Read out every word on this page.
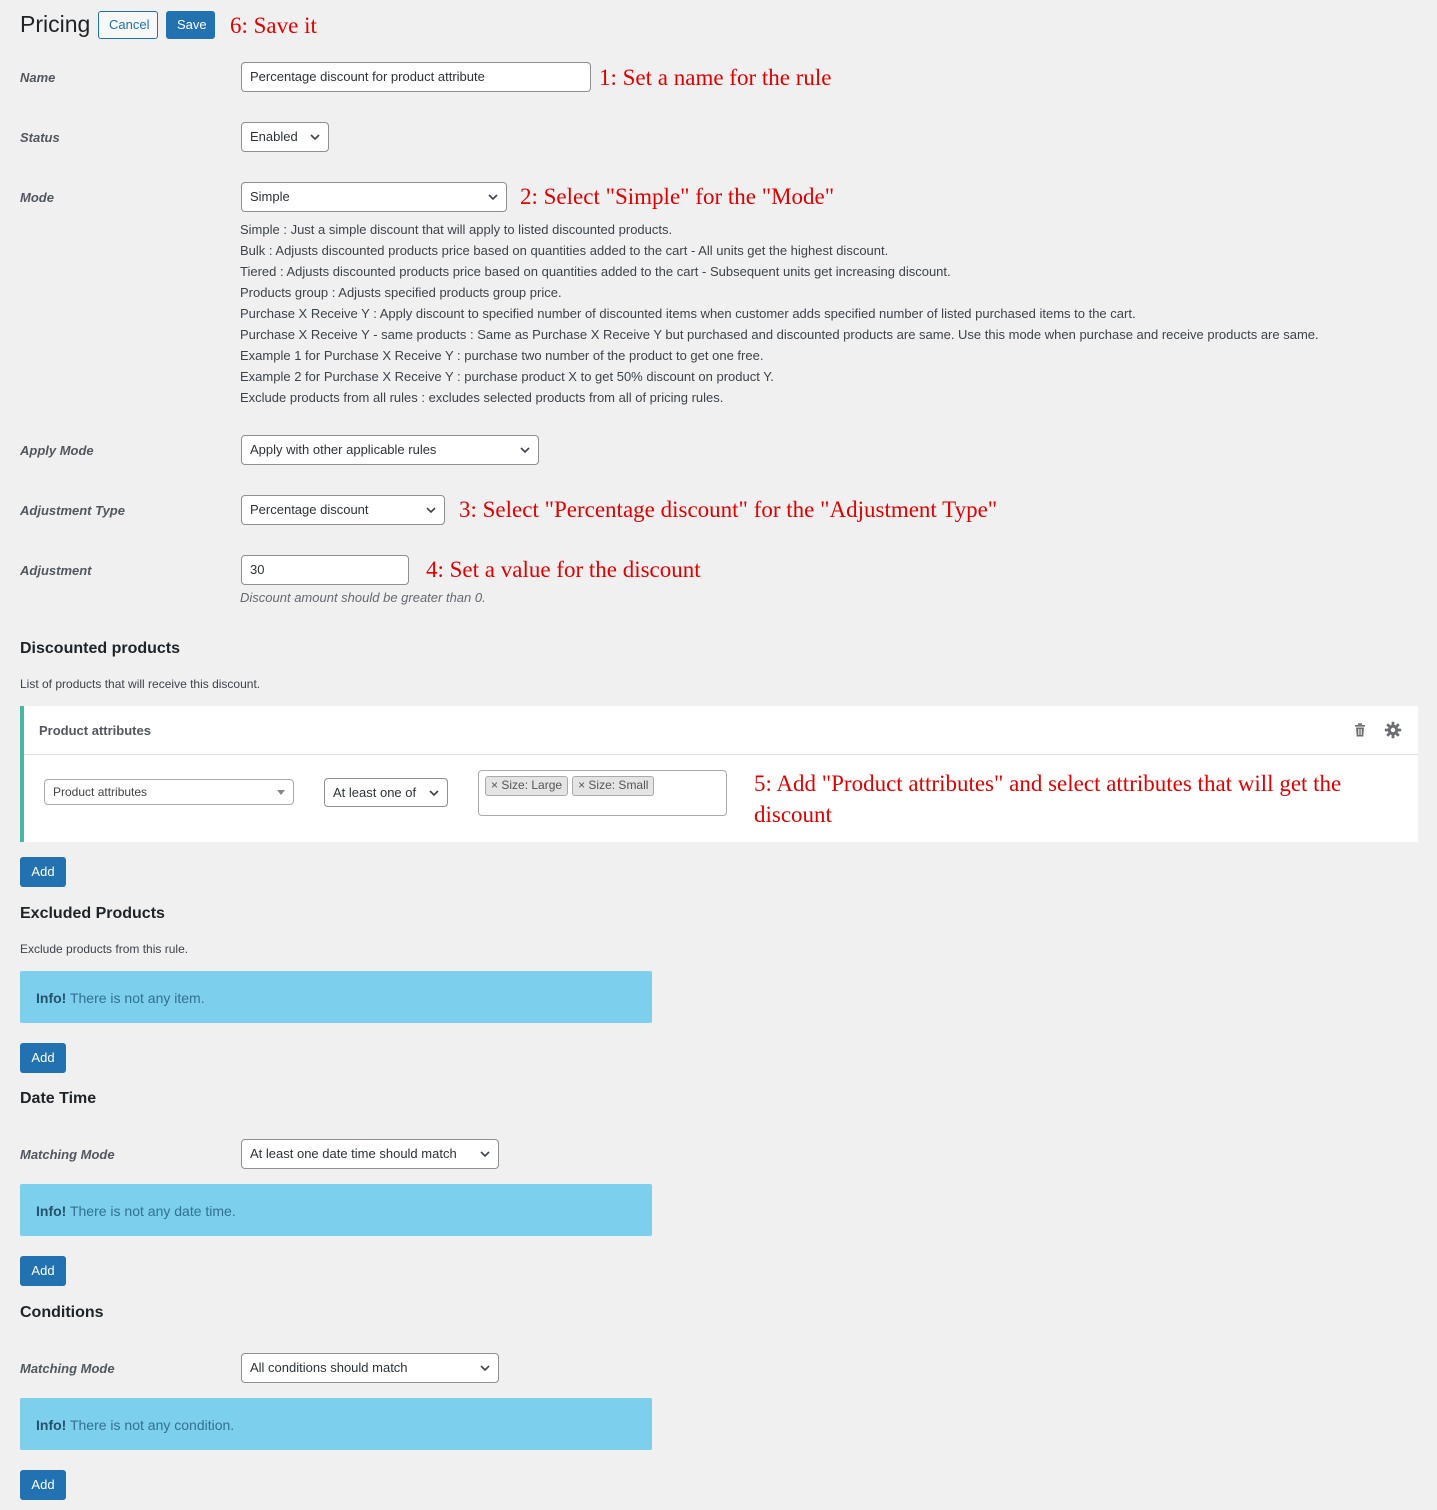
Pricing	Cancel	Save	6: Save it
Name	Percentage discount for product attribute	1: Set a name for the rule
Status	Enabled
Mode	Simple	2: Select "Simple" for the "Mode"
Simple : Just a simple discount that will apply to listed discounted products.
Bulk : Adjusts discounted products price based on quantities added to the cart - All units get the highest discount.
Tiered : Adjusts discounted products price based on quantities added to the cart - Subsequent units get increasing discount.
Products group : Adjusts specified products group price.
Purchase X Receive Y : Apply discount to specified number of discounted items when customer adds specified number of listed purchased items to the cart.
Purchase X Receive Y - same products : Same as Purchase X Receive Y but purchased and discounted products are same. Use this mode when purchase and receive products are same.
Example 1 for Purchase X Receive Y : purchase two number of the product to get one free.
Example 2 for Purchase X Receive Y : purchase product X to get 50% discount on product Y.
Exclude products from all rules : excludes selected products from all of pricing rules.
Apply Mode	Apply with other applicable rules
Adjustment Type	Percentage discount	3: Select "Percentage discount" for the "Adjustment Type"
Adjustment	30	4: Set a value for the discount
Discount amount should be greater than 0.
Discounted products
List of products that will receive this discount.
Product attributes
Product attributes	At least one of	× Size: Large × Size: Small	5: Add "Product attributes" and select attributes that will get the
discount
Add
Excluded Products
Exclude products from this rule.
Info! There is not any item.
Add
Date Time
Matching Mode	At least one date time should match
Info! There is not any date time.
Add
Conditions
Matching Mode	All conditions should match
Info! There is not any condition.
Add
